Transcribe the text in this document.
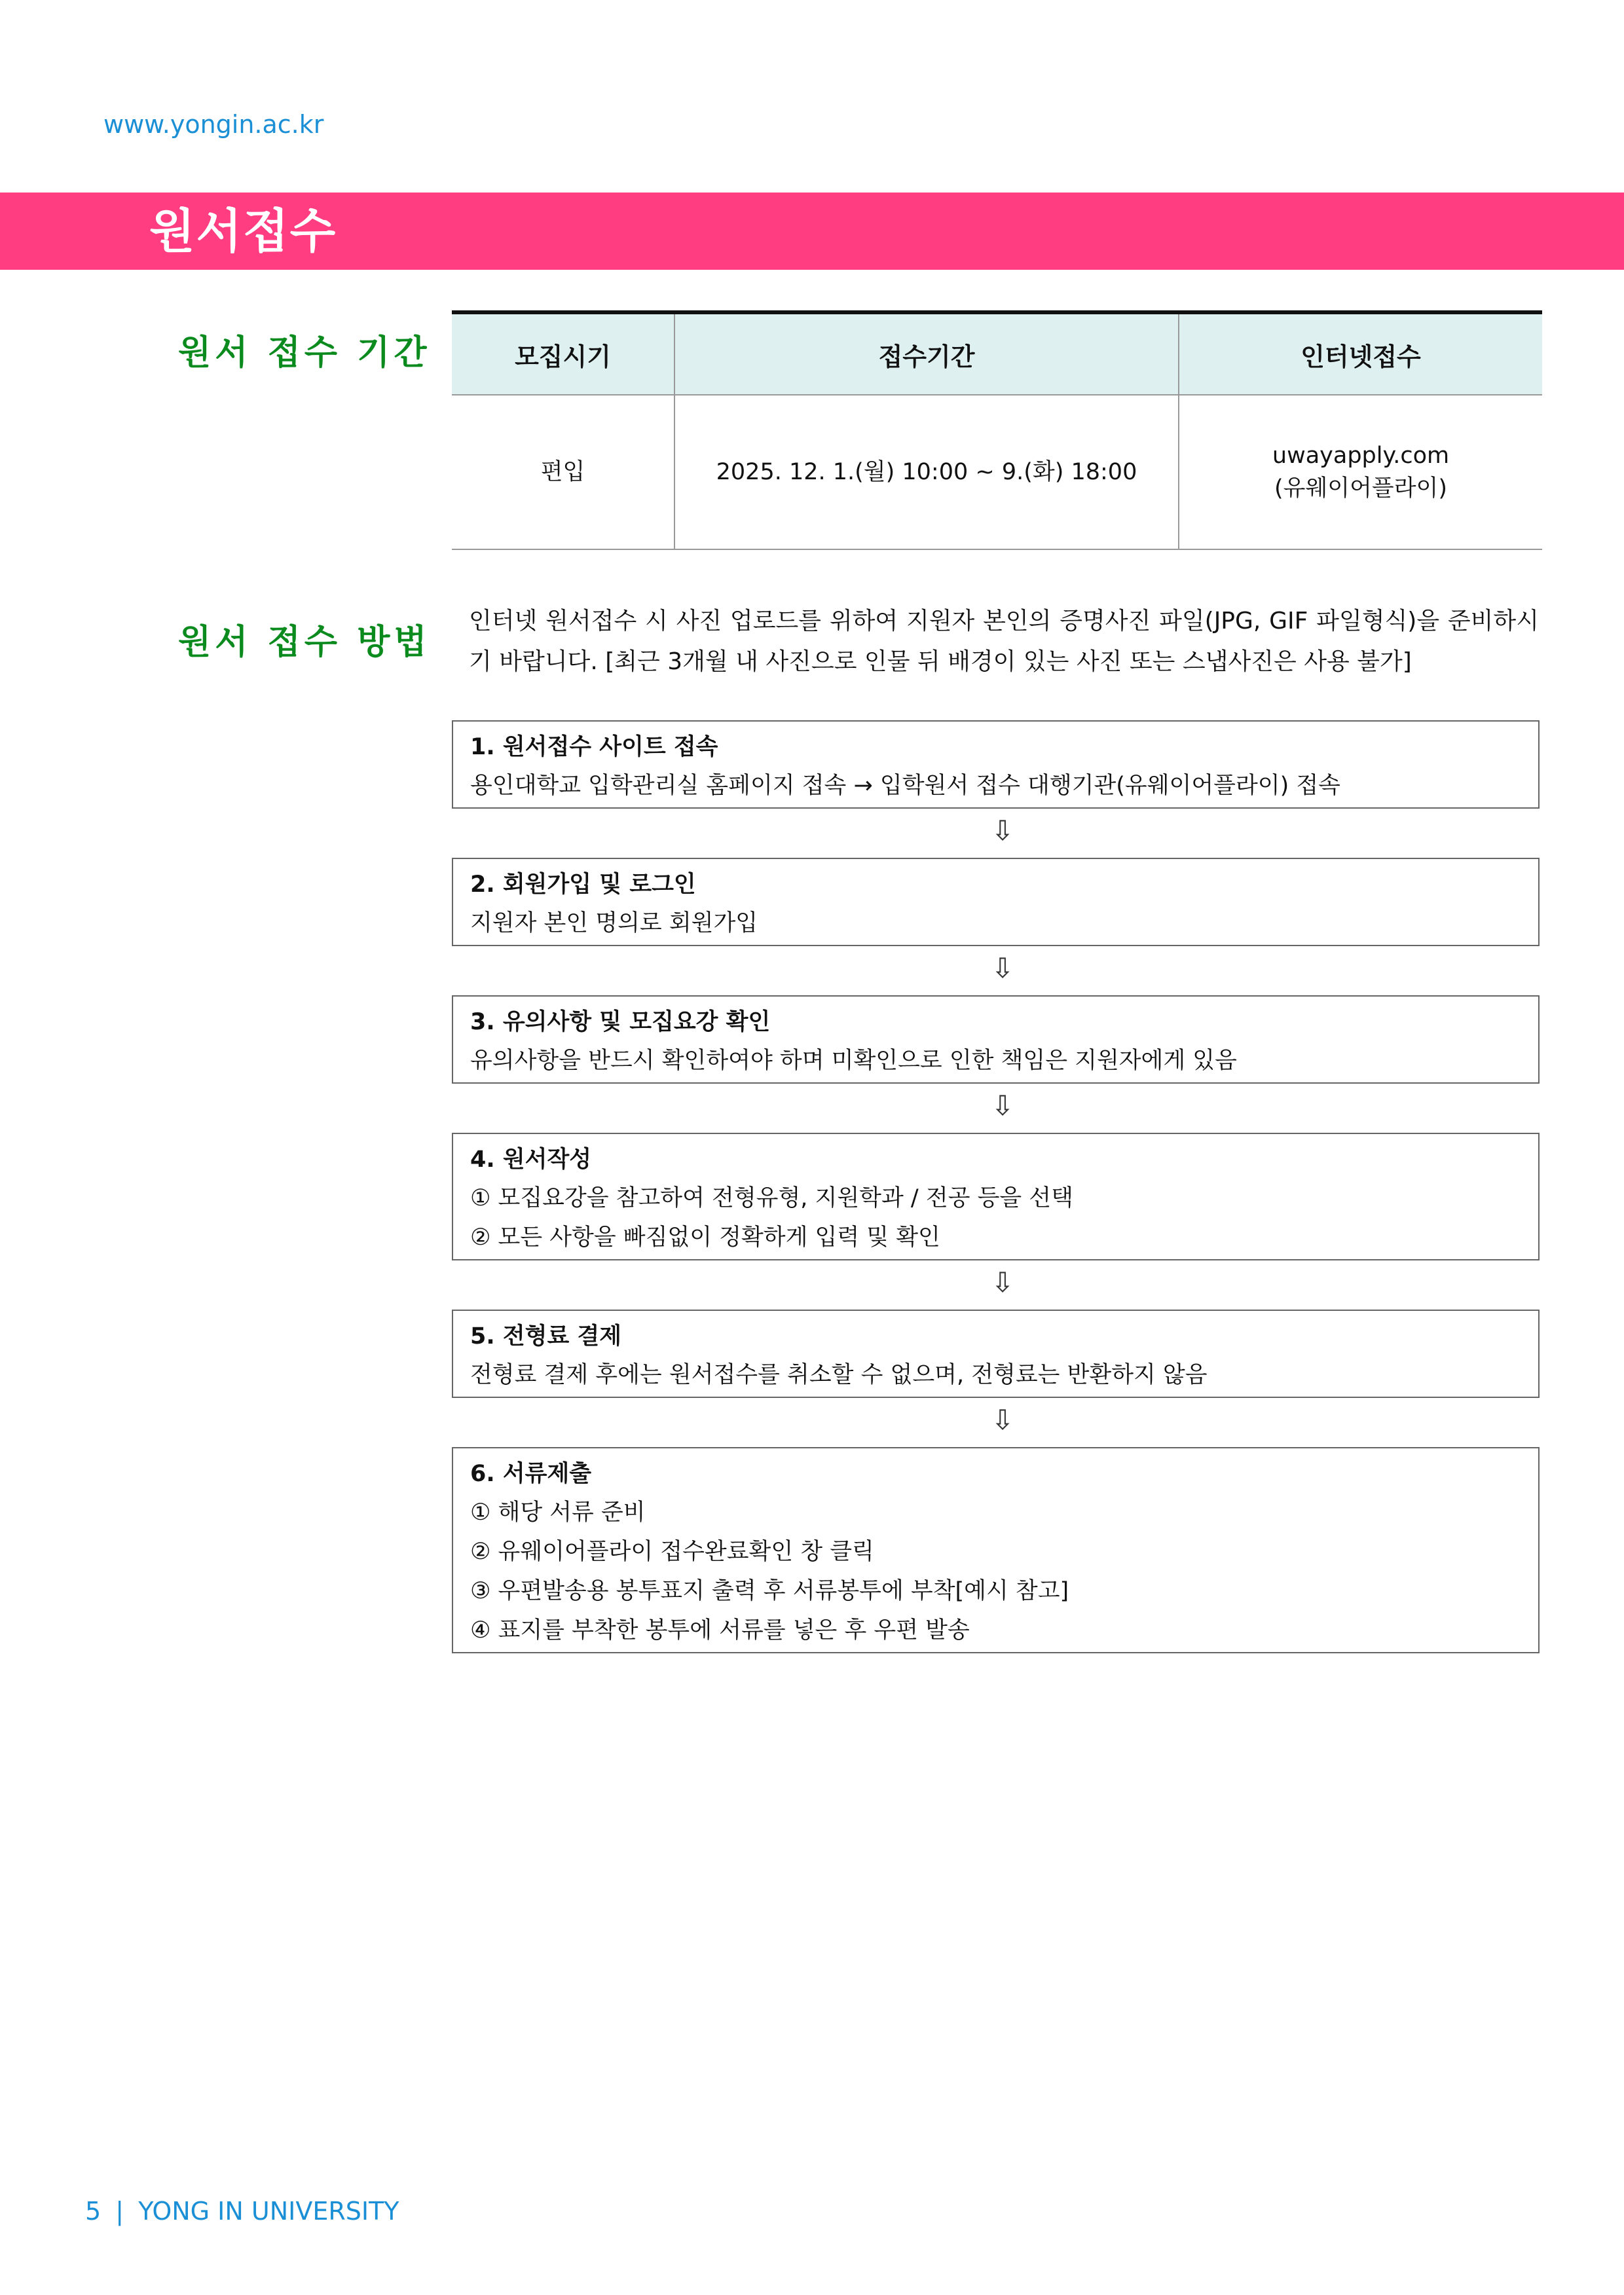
www.yongin.ac.kr
원서접수
원서 접수 기간	모집시기	접수기간	인터넷접수
편입	2025. 12. 1.(월) 10:00 ~ 9.(화) 18:00	uwayapply.com
(유웨이어플라이)
원서 접수 방법
인터넷 원서접수 시 사진 업로드를 위하여 지원자 본인의 증명사진 파일(JPG, GIF 파일형식)을 준비하시기 바랍니다. [최근 3개월 내 사진으로 인물 뒤 배경이 있는 사진 또는 스냅사진은 사용 불가]
1. 원서접수 사이트 접속
용인대학교 입학관리실 홈페이지 접속 → 입학원서 접수 대행기관(유웨이어플라이) 접속
⇩
2. 회원가입 및 로그인
지원자 본인 명의로 회원가입
⇩
3. 유의사항 및 모집요강 확인
유의사항을 반드시 확인하여야 하며 미확인으로 인한 책임은 지원자에게 있음
⇩
4. 원서작성
① 모집요강을 참고하여 전형유형, 지원학과 / 전공 등을 선택
② 모든 사항을 빠짐없이 정확하게 입력 및 확인
⇩
5. 전형료 결제
전형료 결제 후에는 원서접수를 취소할 수 없으며, 전형료는 반환하지 않음
⇩
6. 서류제출
① 해당 서류 준비
② 유웨이어플라이 접수완료확인 창 클릭
③ 우편발송용 봉투표지 출력 후 서류봉투에 부착[예시 참고]
④ 표지를 부착한 봉투에 서류를 넣은 후 우편 발송
5 | YONG IN UNIVERSITY
